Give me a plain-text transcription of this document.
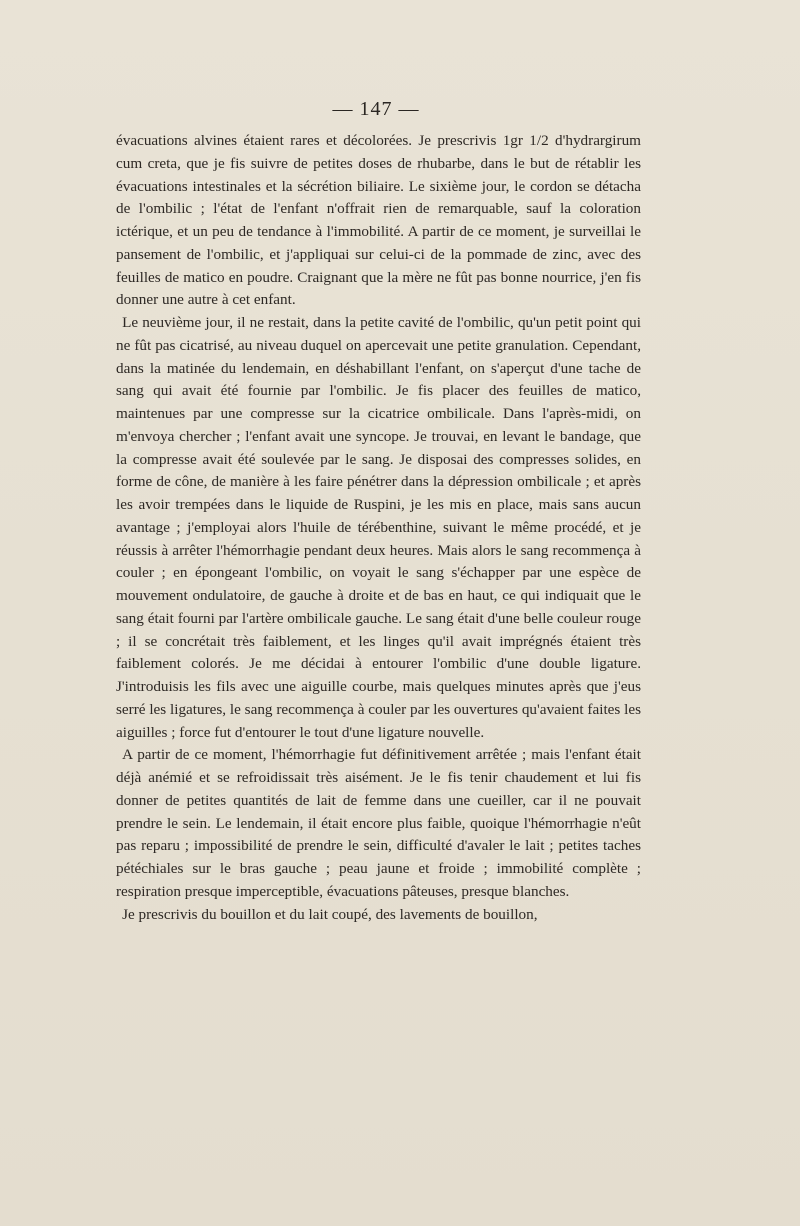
— 147 —

évacuations alvines étaient rares et décolorées. Je prescrivis 1gr 1/2 d'hydrargirum cum creta, que je fis suivre de petites doses de rhubarbe, dans le but de rétablir les évacuations intestinales et la sécrétion biliaire. Le sixième jour, le cordon se détacha de l'ombilic ; l'état de l'enfant n'offrait rien de remarquable, sauf la coloration ictérique, et un peu de tendance à l'immobilité. A partir de ce moment, je surveillai le pansement de l'ombilic, et j'appliquai sur celui-ci de la pommade de zinc, avec des feuilles de matico en poudre. Craignant que la mère ne fût pas bonne nourrice, j'en fis donner une autre à cet enfant.

Le neuvième jour, il ne restait, dans la petite cavité de l'ombilic, qu'un petit point qui ne fût pas cicatrisé, au niveau duquel on apercevait une petite granulation. Cependant, dans la matinée du lendemain, en déshabillant l'enfant, on s'aperçut d'une tache de sang qui avait été fournie par l'ombilic. Je fis placer des feuilles de matico, maintenues par une compresse sur la cicatrice ombilicale. Dans l'après-midi, on m'envoya chercher ; l'enfant avait une syncope. Je trouvai, en levant le bandage, que la compresse avait été soulevée par le sang. Je disposai des compresses solides, en forme de cône, de manière à les faire pénétrer dans la dépression ombilicale ; et après les avoir trempées dans le liquide de Ruspini, je les mis en place, mais sans aucun avantage ; j'employai alors l'huile de térébenthine, suivant le même procédé, et je réussis à arrêter l'hémorrhagie pendant deux heures. Mais alors le sang recommença à couler ; en épongeant l'ombilic, on voyait le sang s'échapper par une espèce de mouvement ondulatoire, de gauche à droite et de bas en haut, ce qui indiquait que le sang était fourni par l'artère ombilicale gauche. Le sang était d'une belle couleur rouge ; il se concrétait très faiblement, et les linges qu'il avait imprégnés étaient très faiblement colorés. Je me décidai à entourer l'ombilic d'une double ligature. J'introduisis les fils avec une aiguille courbe, mais quelques minutes après que j'eus serré les ligatures, le sang recommença à couler par les ouvertures qu'avaient faites les aiguilles ; force fut d'entourer le tout d'une ligature nouvelle.

A partir de ce moment, l'hémorrhagie fut définitivement arrêtée ; mais l'enfant était déjà anémié et se refroidissait très aisément. Je le fis tenir chaudement et lui fis donner de petites quantités de lait de femme dans une cueiller, car il ne pouvait prendre le sein. Le lendemain, il était encore plus faible, quoique l'hémorrhagie n'eût pas reparu ; impossibilité de prendre le sein, difficulté d'avaler le lait ; petites taches pétéchiales sur le bras gauche ; peau jaune et froide ; immobilité complète ; respiration presque imperceptible, évacuations pâteuses, presque blanches.

Je prescrivis du bouillon et du lait coupé, des lavements de bouillon,
